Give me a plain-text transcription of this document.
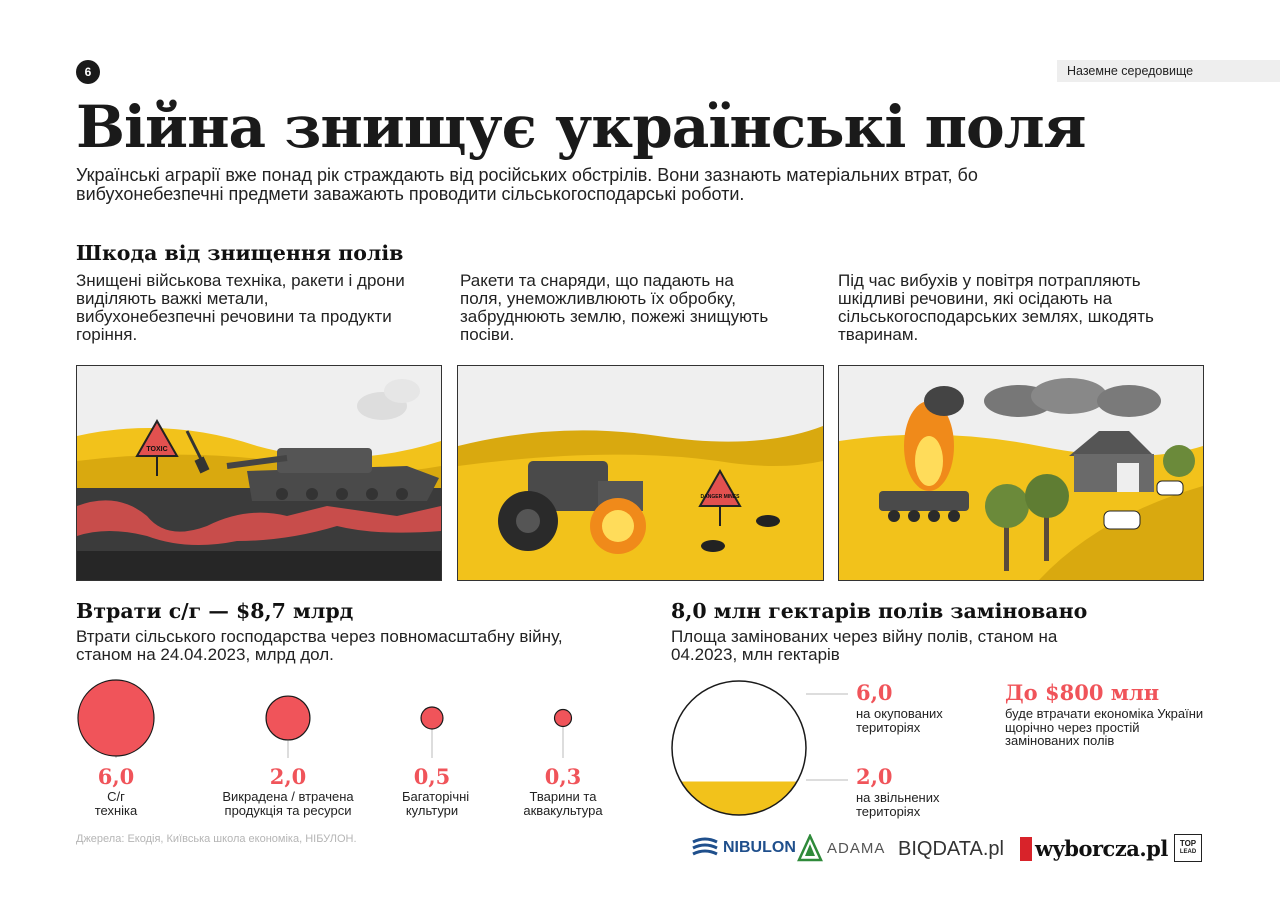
6	Наземне середовище
Війна знищує українські поля
Українські аграрії вже понад рік страждають від російських обстрілів. Вони зазнають матеріальних втрат, бо вибухонебезпечні предмети заважають проводити сільськогосподарські роботи.
Шкода від знищення полів
Знищені військова техніка, ракети і дрони виділяють важкі метали, вибухонебезпечні речовини та продукти горіння.
Ракети та снаряди, що падають на поля, унеможливлюють їх обробку, забруднюють землю, пожежі знищують посіви.
Під час вибухів у повітря потрапляють шкідливі речовини, які осідають на сільськогосподарських землях, шкодять тваринам.
TOXIC
DANGER MINES
Втрати с/г — $8,7 млрд
Втрати сільського господарства через повномасштабну війну, станом на 24.04.2023, млрд дол.
6,0
С/г техніка
2,0
Викрадена / втрачена продукція та ресурси
0,5
Багаторічні культури
0,3
Тварини та аквакультура
Джерела: Екодія, Київська школа економіка, НІБУЛОН.
8,0 млн гектарів полів заміновано
Площа замінованих через війну полів, станом на 04.2023, млн гектарів
6,0
на окупованих територіях
2,0
на звільнених територіях
До $800 млн
буде втрачати економіка України щорічно через простій замінованих полів
NIBULON ADAMA BIQDATA.pl wyborcza.pl TOP
LEAD
